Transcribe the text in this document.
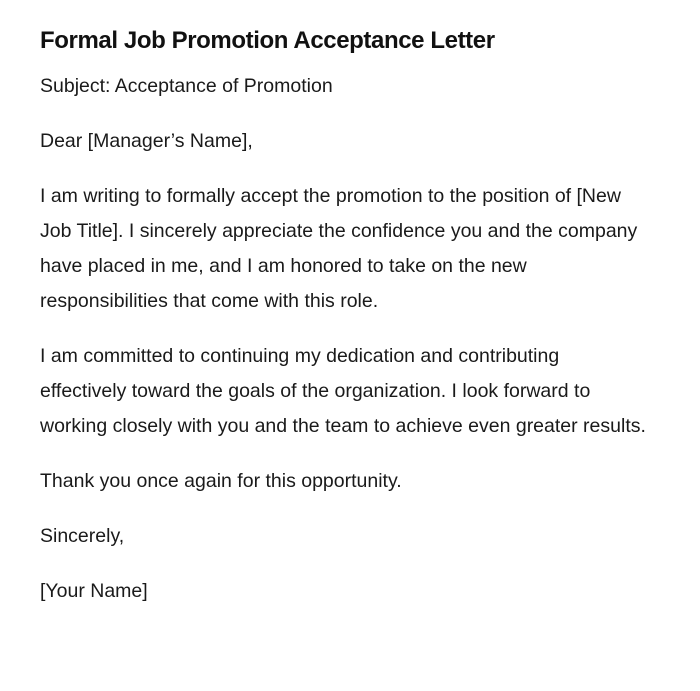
Formal Job Promotion Acceptance Letter

Subject: Acceptance of Promotion

Dear [Manager’s Name],

I am writing to formally accept the promotion to the position of [New Job Title]. I sincerely appreciate the confidence you and the company have placed in me, and I am honored to take on the new responsibilities that come with this role.

I am committed to continuing my dedication and contributing effectively toward the goals of the organization. I look forward to working closely with you and the team to achieve even greater results.

Thank you once again for this opportunity.

Sincerely,

[Your Name]
